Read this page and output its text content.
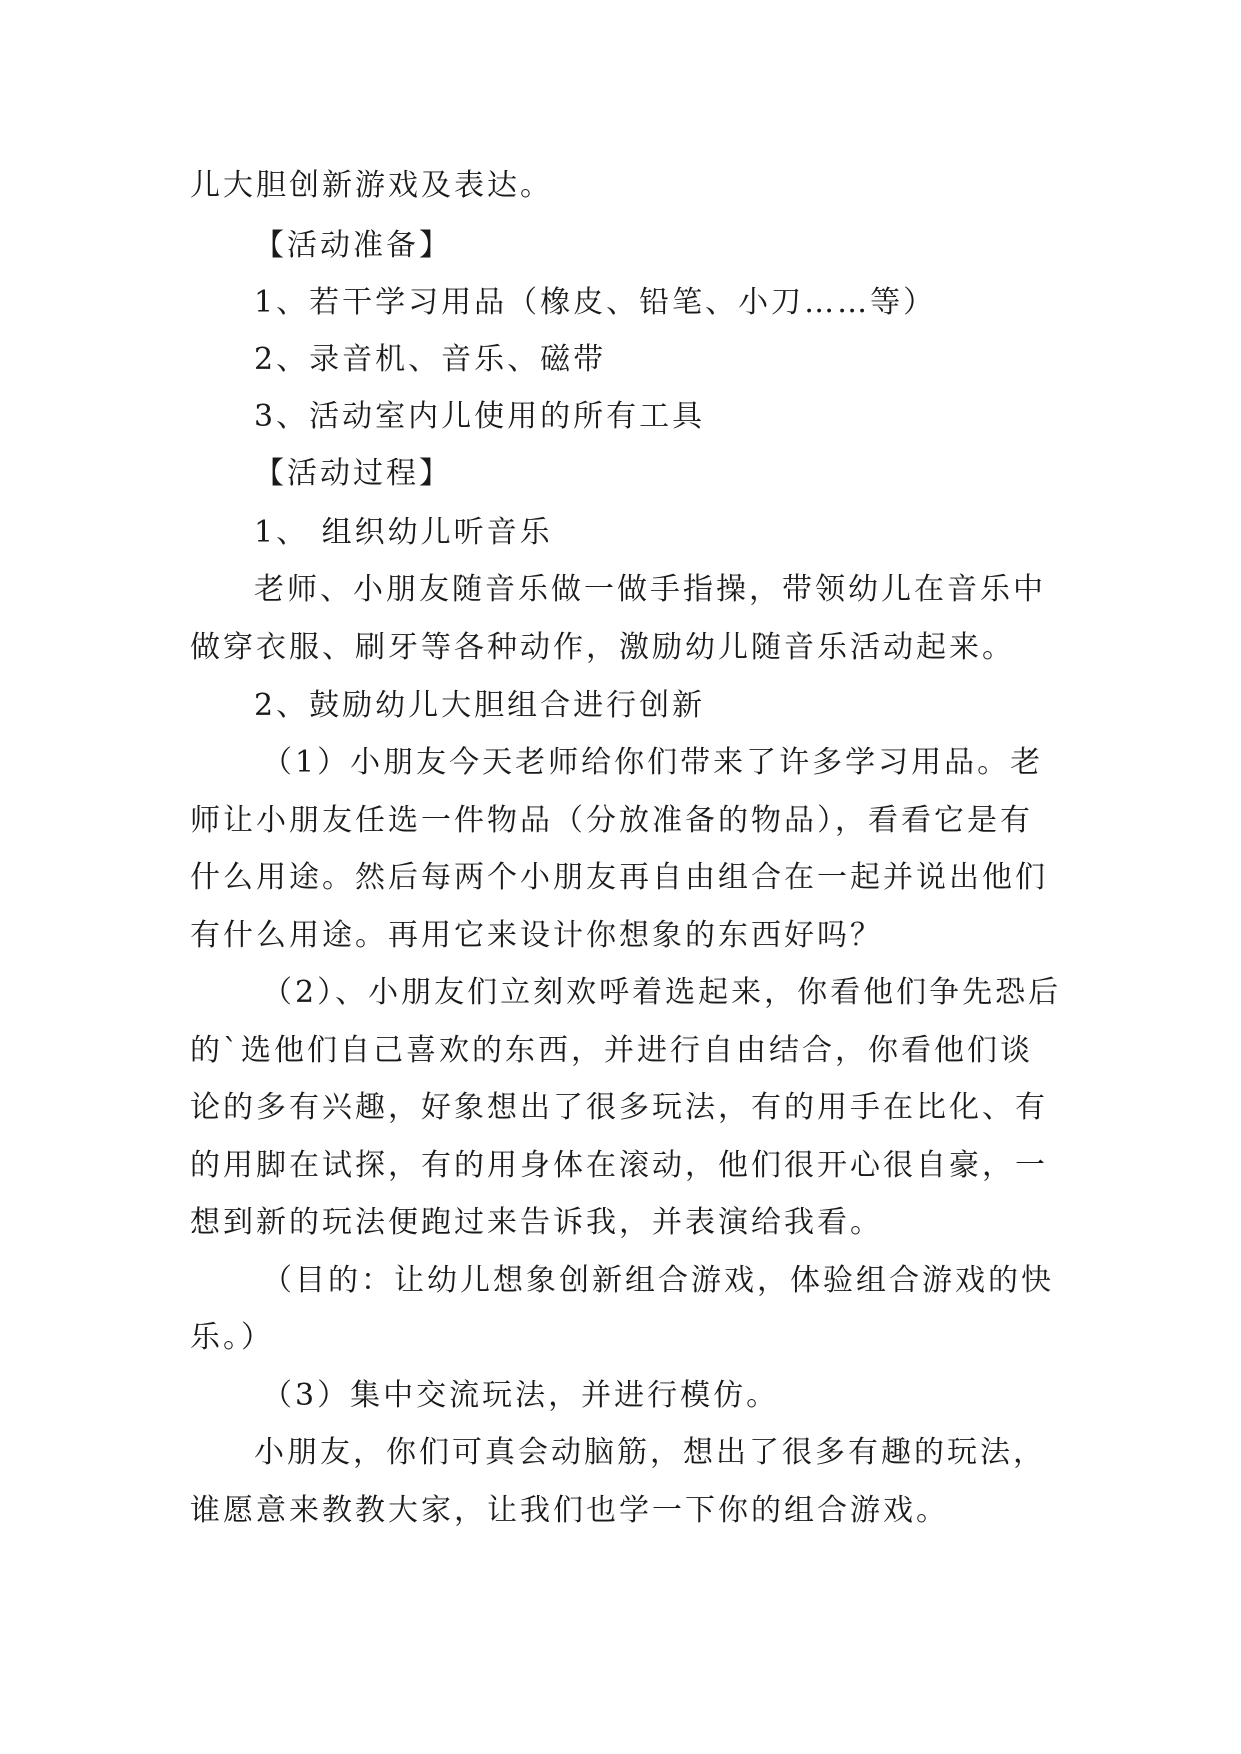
儿大胆创新游戏及表达。
【活动准备】
1、若干学习用品（橡皮、铅笔、小刀……等）
2、录音机、音乐、磁带
3、活动室内儿使用的所有工具
【活动过程】
1、 组织幼儿听音乐
老师、小朋友随音乐做一做手指操，带领幼儿在音乐中
做穿衣服、刷牙等各种动作，激励幼儿随音乐活动起来。
2、鼓励幼儿大胆组合进行创新
（1）小朋友今天老师给你们带来了许多学习用品。老
师让小朋友任选一件物品（分放准备的物品），看看它是有
什么用途。然后每两个小朋友再自由组合在一起并说出他们
有什么用途。再用它来设计你想象的东西好吗？
（2）、小朋友们立刻欢呼着选起来，你看他们争先恐后
的`选他们自己喜欢的东西，并进行自由结合，你看他们谈
论的多有兴趣，好象想出了很多玩法，有的用手在比化、有
的用脚在试探，有的用身体在滚动，他们很开心很自豪，一
想到新的玩法便跑过来告诉我，并表演给我看。
（目的：让幼儿想象创新组合游戏，体验组合游戏的快
乐。）
（3）集中交流玩法，并进行模仿。
小朋友，你们可真会动脑筋，想出了很多有趣的玩法，
谁愿意来教教大家，让我们也学一下你的组合游戏。
